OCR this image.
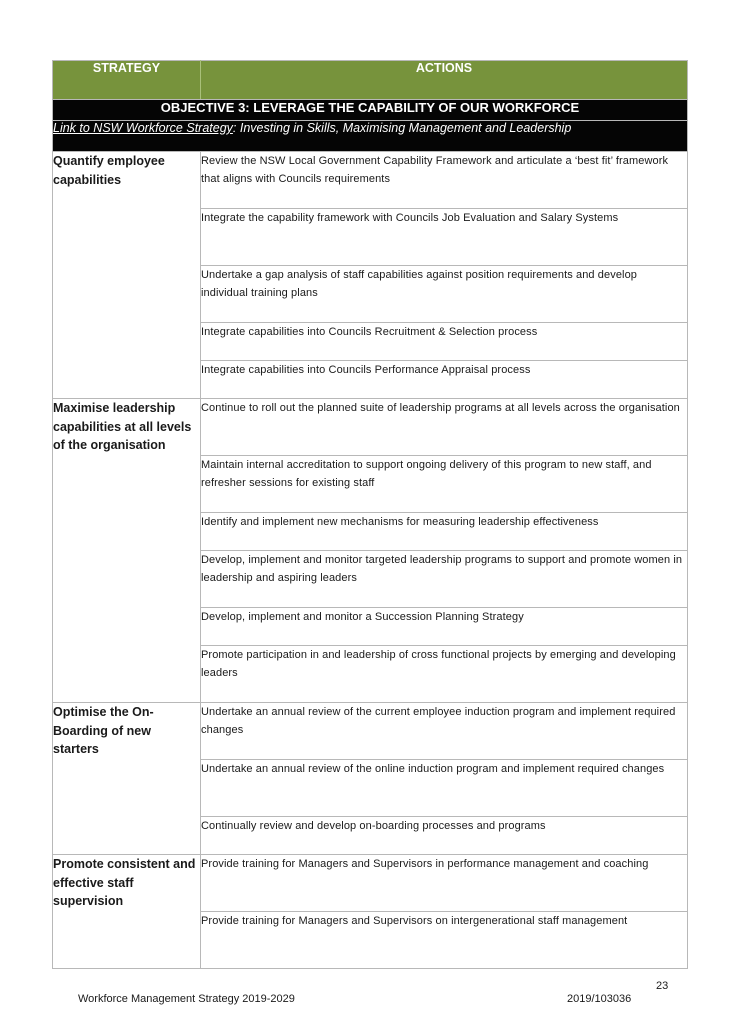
STRATEGY	ACTIONS
OBJECTIVE 3: LEVERAGE THE CAPABILITY OF OUR WORKFORCE	
Link to NSW Workforce Strategy: Investing in Skills, Maximising Management and Leadership	
Quantify employee capabilities	Review the NSW Local Government Capability Framework and articulate a ‘best fit’ framework that aligns with Councils requirements
	Integrate the capability framework with Councils Job Evaluation and Salary Systems
	Undertake a gap analysis of staff capabilities against position requirements and develop individual training plans
	Integrate capabilities into Councils Recruitment & Selection process
	Integrate capabilities into Councils Performance Appraisal process
Maximise leadership capabilities at all levels of the organisation	Continue to roll out the planned suite of leadership programs at all levels across the organisation
	Maintain internal accreditation to support ongoing delivery of this program to new staff, and refresher sessions for existing staff
	Identify and implement new mechanisms for measuring leadership effectiveness
	Develop, implement and monitor targeted leadership programs to support and promote women in leadership and aspiring leaders
	Develop, implement and monitor a Succession Planning Strategy
	Promote participation in and leadership of cross functional projects by emerging and developing leaders
Optimise the On-Boarding of new starters	Undertake an annual review of the current employee induction program and implement required changes
	Undertake an annual review of the online induction program and implement required changes
	Continually review and develop on-boarding processes and programs
Promote consistent and effective staff supervision	Provide training for Managers and Supervisors in performance management and coaching
	Provide training for Managers and Supervisors on intergenerational staff management
23
Workforce Management Strategy 2019-2029	2019/103036
